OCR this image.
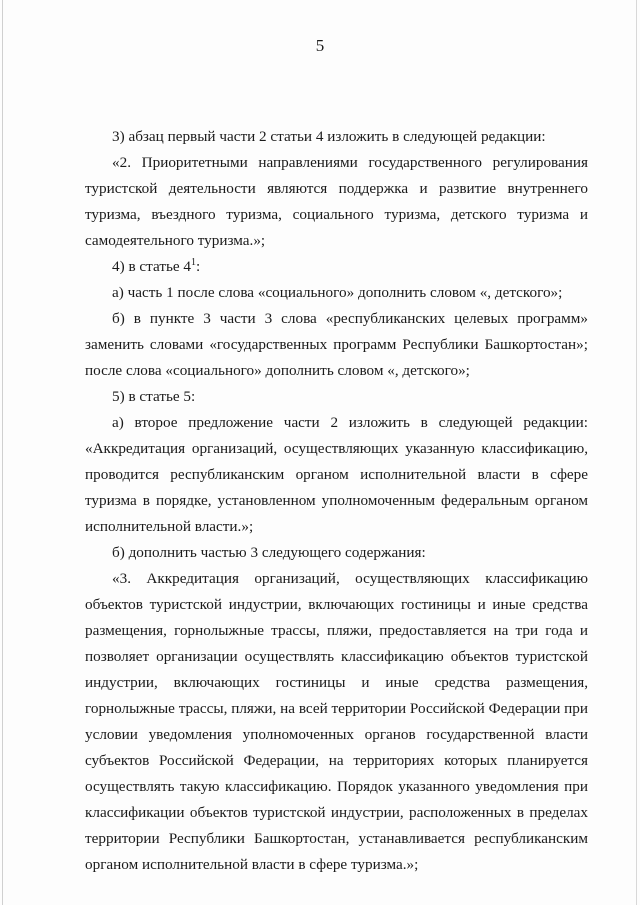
5
3) абзац первый части 2 статьи 4 изложить в следующей редакции:
«2. Приоритетными направлениями государственного регулирования
туристской деятельности являются поддержка и развитие внутреннего
туризма, въездного туризма, социального туризма, детского туризма и
самодеятельного туризма.»;
4) в статье $4^1$:
а) часть 1 после слова «социального» дополнить словом «, детского»;
б) в пункте 3 части 3 слова «республиканских целевых программ»
заменить словами «государственных программ Республики Башкортостан»;
после слова «социального» дополнить словом «, детского»;
5) в статье 5:
а) второе предложение части 2 изложить в следующей редакции:
«Аккредитация организаций, осуществляющих указанную классификацию,
проводится республиканским органом исполнительной власти в сфере
туризма в порядке, установленном уполномоченным федеральным органом
исполнительной власти.»;
б) дополнить частью 3 следующего содержания:
«3. Аккредитация организаций, осуществляющих классификацию
объектов туристской индустрии, включающих гостиницы и иные средства
размещения, горнолыжные трассы, пляжи, предоставляется на три года и
позволяет организации осуществлять классификацию объектов туристской
индустрии, включающих гостиницы и иные средства размещения,
горнолыжные трассы, пляжи, на всей территории Российской Федерации при
условии уведомления уполномоченных органов государственной власти
субъектов Российской Федерации, на территориях которых планируется
осуществлять такую классификацию. Порядок указанного уведомления при
классификации объектов туристской индустрии, расположенных в пределах
территории Республики Башкортостан, устанавливается республиканским
органом исполнительной власти в сфере туризма.»;
